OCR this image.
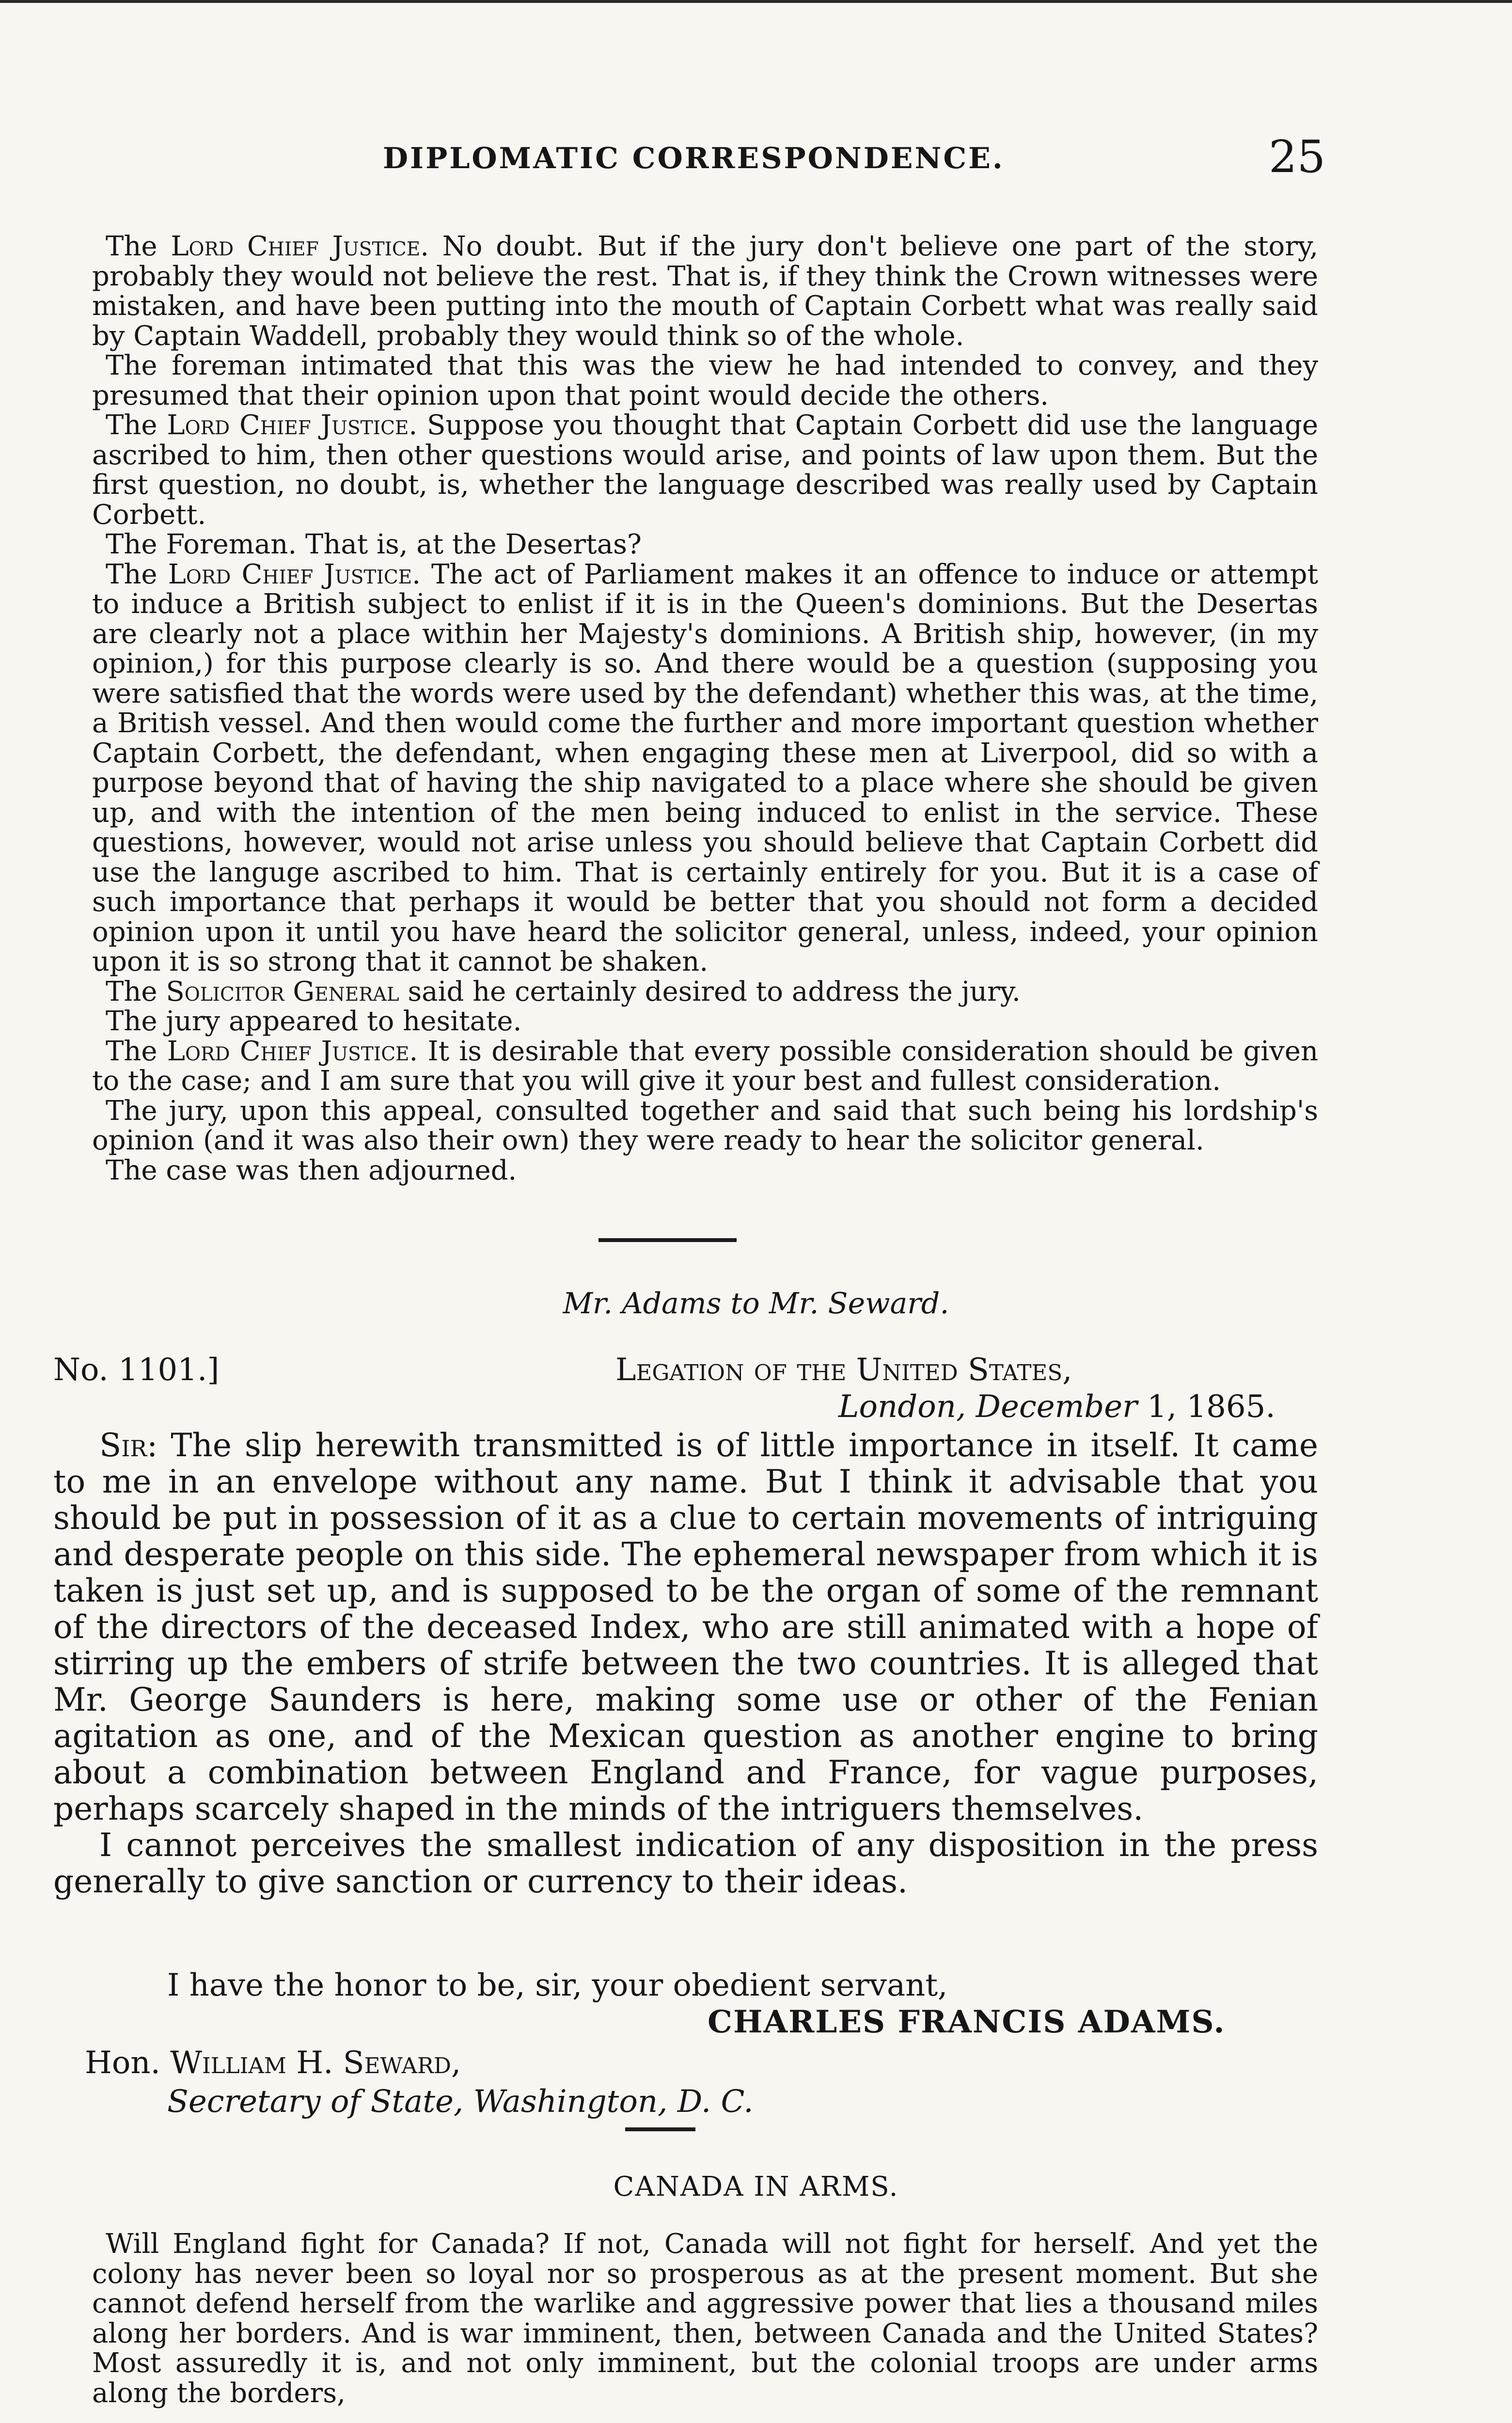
DIPLOMATIC CORRESPONDENCE.	25

The Lord Chief Justice. No doubt. But if the jury don't believe one part of the story, probably they would not believe the rest. That is, if they think the Crown witnesses were mistaken, and have been putting into the mouth of Captain Corbett what was really said by Captain Waddell, probably they would think so of the whole.

The foreman intimated that this was the view he had intended to convey, and they presumed that their opinion upon that point would decide the others.

The Lord Chief Justice. Suppose you thought that Captain Corbett did use the language ascribed to him, then other questions would arise, and points of law upon them. But the first question, no doubt, is, whether the language described was really used by Captain Corbett.

The Foreman. That is, at the Desertas?

The Lord Chief Justice. The act of Parliament makes it an offence to induce or attempt to induce a British subject to enlist if it is in the Queen's dominions. But the Desertas are clearly not a place within her Majesty's dominions. A British ship, however, (in my opinion,) for this purpose clearly is so. And there would be a question (supposing you were satisfied that the words were used by the defendant) whether this was, at the time, a British vessel. And then would come the further and more important question whether Captain Corbett, the defendant, when engaging these men at Liverpool, did so with a purpose beyond that of having the ship navigated to a place where she should be given up, and with the intention of the men being induced to enlist in the service. These questions, however, would not arise unless you should believe that Captain Corbett did use the languge ascribed to him. That is certainly entirely for you. But it is a case of such importance that perhaps it would be better that you should not form a decided opinion upon it until you have heard the solicitor general, unless, indeed, your opinion upon it is so strong that it cannot be shaken.

The Solicitor General said he certainly desired to address the jury.

The jury appeared to hesitate.

The Lord Chief Justice. It is desirable that every possible consideration should be given to the case; and I am sure that you will give it your best and fullest consideration.

The jury, upon this appeal, consulted together and said that such being his lordship's opinion (and it was also their own) they were ready to hear the solicitor general.

The case was then adjourned.

Mr. Adams to Mr. Seward.
No. 1101.]	Legation of the United States,
London, December 1, 1865.

Sir: The slip herewith transmitted is of little importance in itself. It came to me in an envelope without any name. But I think it advisable that you should be put in possession of it as a clue to certain movements of intriguing and desperate people on this side. The ephemeral newspaper from which it is taken is just set up, and is supposed to be the organ of some of the remnant of the directors of the deceased Index, who are still animated with a hope of stirring up the embers of strife between the two countries. It is alleged that Mr. George Saunders is here, making some use or other of the Fenian agitation as one, and of the Mexican question as another engine to bring about a combination between England and France, for vague purposes, perhaps scarcely shaped in the minds of the intriguers themselves.

I cannot perceives the smallest indication of any disposition in the press generally to give sanction or currency to their ideas.

I have the honor to be, sir, your obedient servant,
CHARLES FRANCIS ADAMS.
Hon. William H. Seward,
Secretary of State, Washington, D. C.
CANADA IN ARMS.

Will England fight for Canada? If not, Canada will not fight for herself. And yet the colony has never been so loyal nor so prosperous as at the present moment. But she cannot defend herself from the warlike and aggressive power that lies a thousand miles along her borders. And is war imminent, then, between Canada and the United States? Most assuredly it is, and not only imminent, but the colonial troops are under arms along the borders,
